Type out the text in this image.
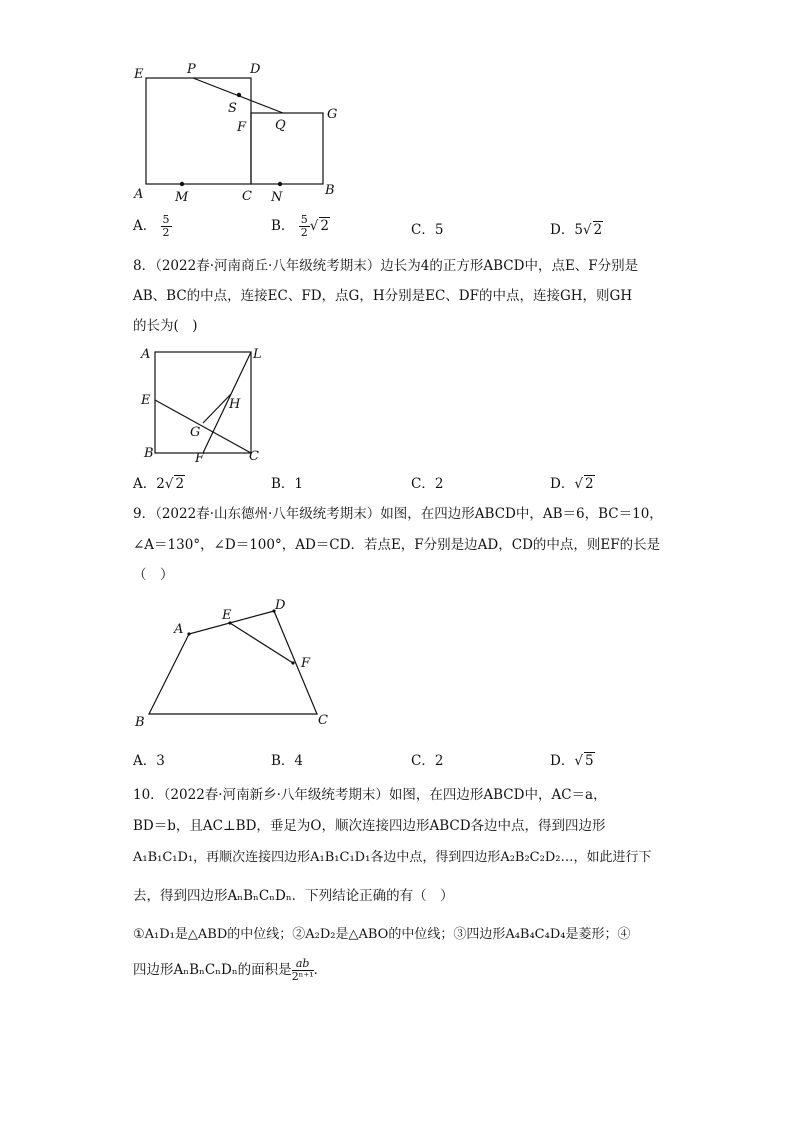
E	P	D
S
F Q
G
A M	C N	B
A． $\frac{5}{2}$	B． $\frac{5}{2}$ √ 2	C．5	D．5√ 2
8．（2022春·河南商丘·八年级统考期末）边长为4的正方形ABCD中，点E、F分别是
AB、BC的中点，连接EC、FD，点G，H分别是EC、DF的中点，连接GH，则GH
的长为(　)
A	L
E	H
G
B	F	C
A．2√ 2	B．1	C．2	D．√ 2
9．（2022春·山东德州·八年级统考期末）如图，在四边形ABCD中，AB＝6，BC＝10，
∠A＝130°，∠D＝100°，AD＝CD．若点E，F分别是边AD，CD的中点，则EF的长是
（　）
A
E
D
F
B	C
A．3	B．4	C．2	D．√ 5
10．（2022春·河南新乡·八年级统考期末）如图，在四边形ABCD中，AC＝a，
BD＝b，且AC⊥BD，垂足为O，顺次连接四边形ABCD各边中点，得到四边形
A₁B₁C₁D₁，再顺次连接四边形A₁B₁C₁D₁各边中点，得到四边形A₂B₂C₂D₂…，如此进行下
去，得到四边形AₙBₙCₙDₙ．下列结论正确的有（　）
①A₁D₁是△ABD的中位线；②A₂D₂是△ABO的中位线；③四边形A₄B₄C₄D₄是菱形；④
四边形AₙBₙCₙDₙ的面积是 $\frac{ab}{\text{2ⁿ⁺¹}}$ ．
